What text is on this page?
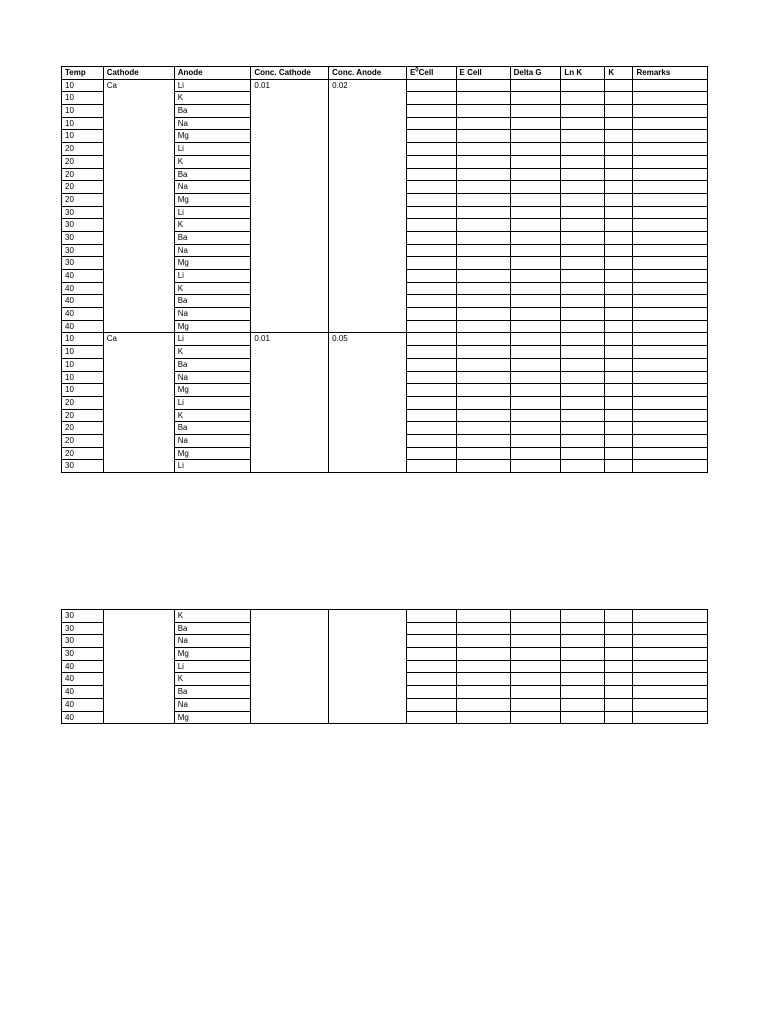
Temp	Cathode	Anode	Conc. Cathode	Conc. Anode	$E^0Cell$	E Cell	Delta G	Ln K	K	Remarks
10	Ca	Li	0.01	0.02						
10		K								
10		Ba								
10		Na								
10		Mg								
20		Li								
20		K								
20		Ba								
20		Na								
20		Mg								
30		Li								
30		K								
30		Ba								
30		Na								
30		Mg								
40		Li								
40		K								
40		Ba								
40		Na								
40		Mg								
10	Ca	Li	0.01	0.05						
10		K								
10		Ba								
10		Na								
10		Mg								
20		Li								
20		K								
20		Ba								
20		Na								
20		Mg								
30		Li								
30		K								
30		Ba								
30		Na								
30		Mg								
40		Li								
40		K								
40		Ba								
40		Na								
40		Mg								
